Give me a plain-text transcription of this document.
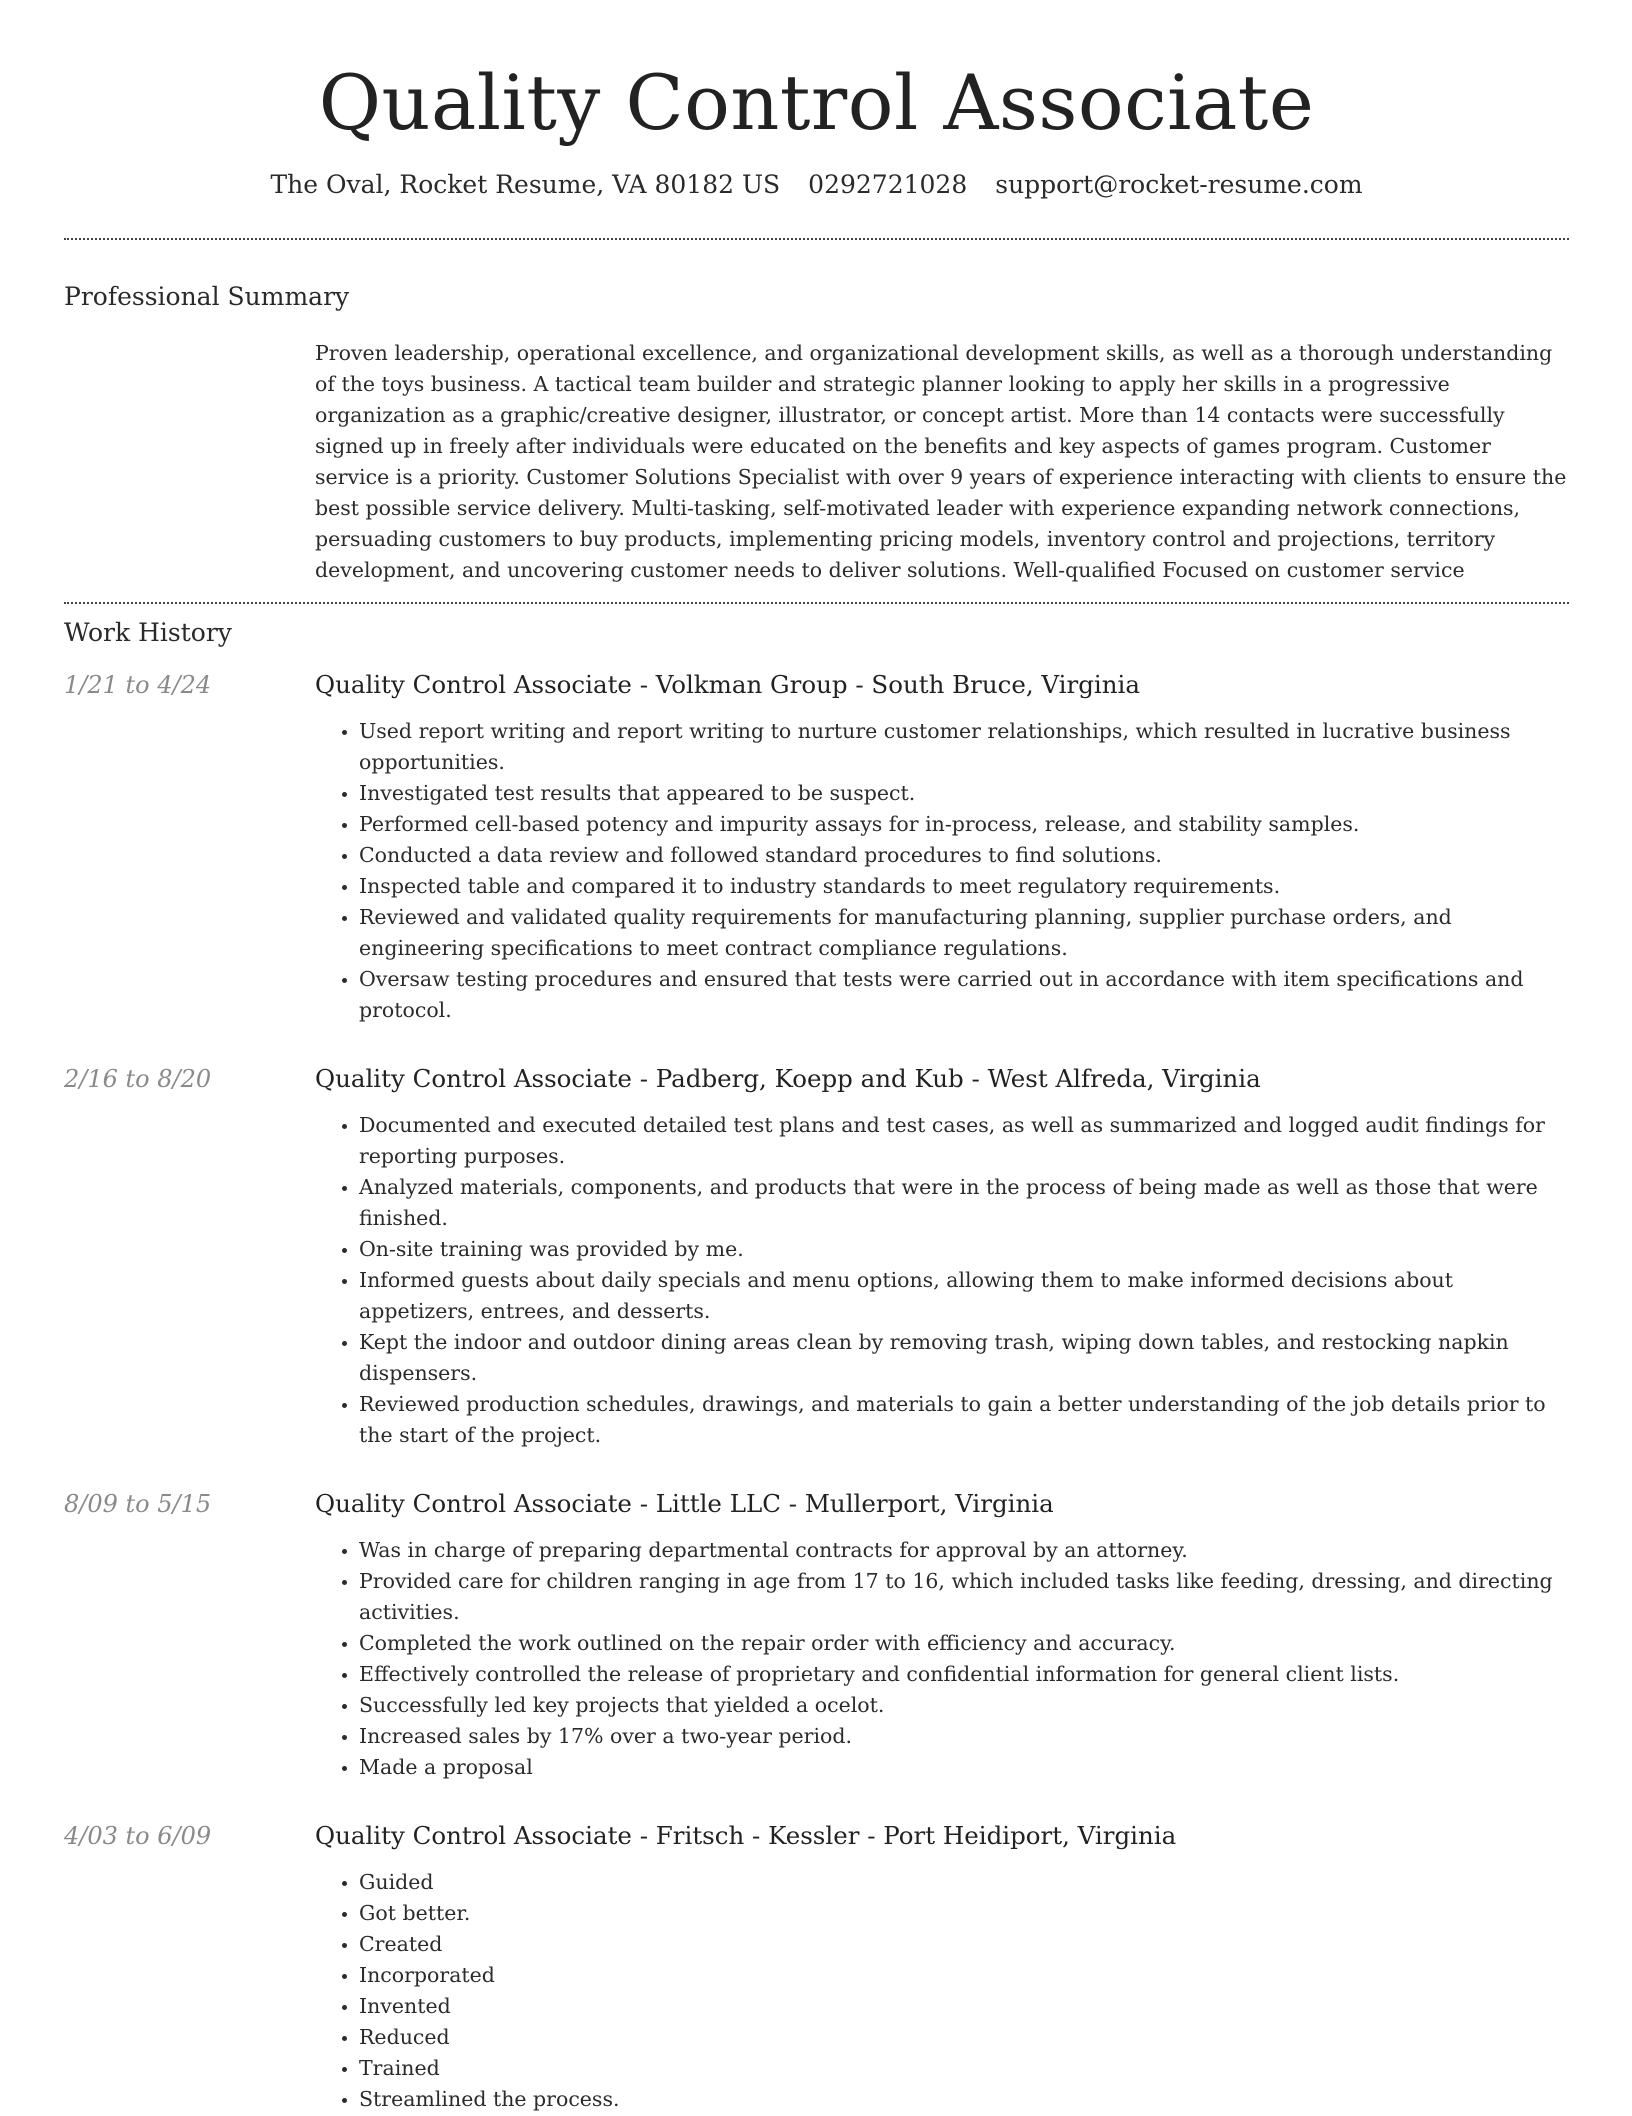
Quality Control Associate
The Oval, Rocket Resume, VA 80182 US 0292721028 support@rocket-resume.com
Professional Summary

Proven leadership, operational excellence, and organizational development skills, as well as a thorough understanding of the toys business. A tactical team builder and strategic planner looking to apply her skills in a progressive organization as a graphic/creative designer, illustrator, or concept artist. More than 14 contacts were successfully signed up in freely after individuals were educated on the benefits and key aspects of games program. Customer service is a priority. Customer Solutions Specialist with over 9 years of experience interacting with clients to ensure the best possible service delivery. Multi-tasking, self-motivated leader with experience expanding network connections, persuading customers to buy products, implementing pricing models, inventory control and projections, territory development, and uncovering customer needs to deliver solutions. Well-qualified Focused on customer service

Work History
1/21 to 4/24	Quality Control Associate - Volkman Group - South Bruce, Virginia
• Used report writing and report writing to nurture customer relationships, which resulted in lucrative business opportunities.
• Investigated test results that appeared to be suspect.
• Performed cell-based potency and impurity assays for in-process, release, and stability samples.
• Conducted a data review and followed standard procedures to find solutions.
• Inspected table and compared it to industry standards to meet regulatory requirements.
• Reviewed and validated quality requirements for manufacturing planning, supplier purchase orders, and engineering specifications to meet contract compliance regulations.
• Oversaw testing procedures and ensured that tests were carried out in accordance with item specifications and protocol.
2/16 to 8/20	Quality Control Associate - Padberg, Koepp and Kub - West Alfreda, Virginia
• Documented and executed detailed test plans and test cases, as well as summarized and logged audit findings for reporting purposes.
• Analyzed materials, components, and products that were in the process of being made as well as those that were finished.
• On-site training was provided by me.
• Informed guests about daily specials and menu options, allowing them to make informed decisions about appetizers, entrees, and desserts.
• Kept the indoor and outdoor dining areas clean by removing trash, wiping down tables, and restocking napkin dispensers.
• Reviewed production schedules, drawings, and materials to gain a better understanding of the job details prior to the start of the project.
8/09 to 5/15	Quality Control Associate - Little LLC - Mullerport, Virginia
• Was in charge of preparing departmental contracts for approval by an attorney.
• Provided care for children ranging in age from 17 to 16, which included tasks like feeding, dressing, and directing activities.
• Completed the work outlined on the repair order with efficiency and accuracy.
• Effectively controlled the release of proprietary and confidential information for general client lists.
• Successfully led key projects that yielded a ocelot.
• Increased sales by 17% over a two-year period.
• Made a proposal
4/03 to 6/09	Quality Control Associate - Fritsch - Kessler - Port Heidiport, Virginia
• Guided
• Got better.
• Created
• Incorporated
• Invented
• Reduced
• Trained
• Streamlined the process.
